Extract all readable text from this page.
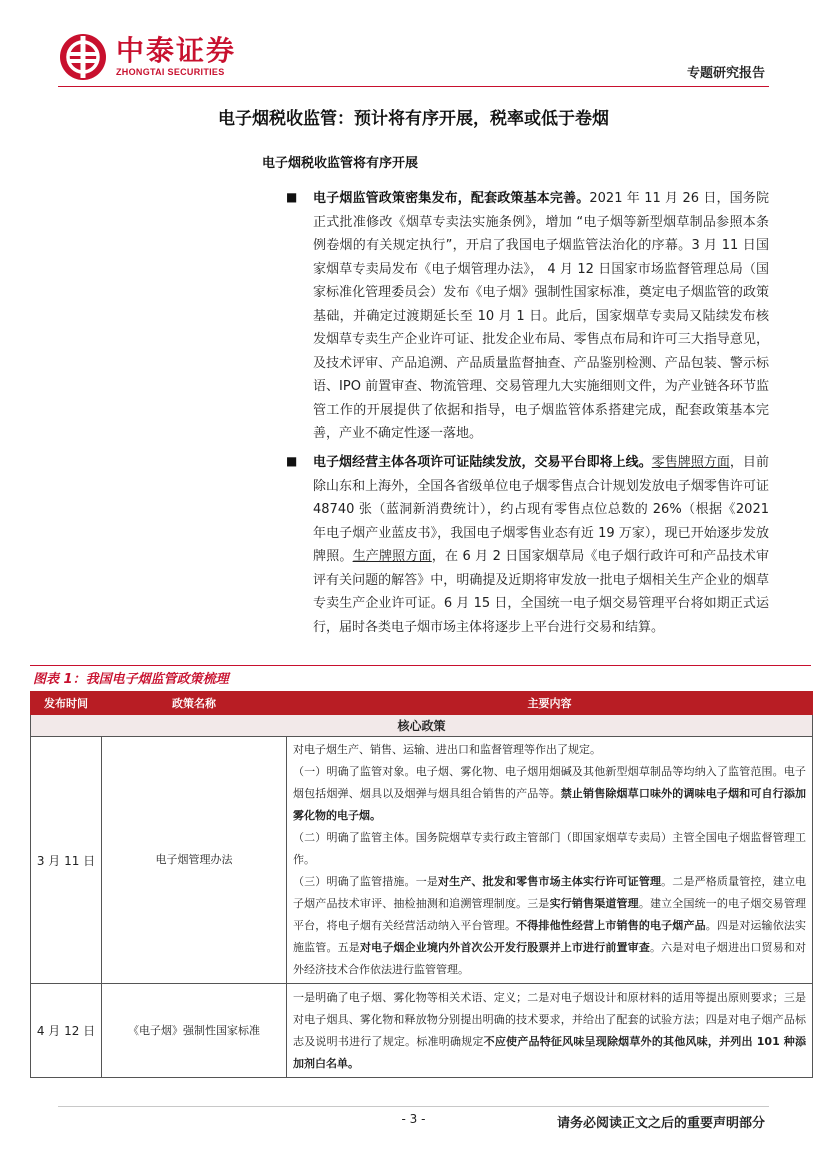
中泰证券
ZHONGTAI SECURITIES	专题研究报告
电子烟税收监管：预计将有序开展，税率或低于卷烟
电子烟税收监管将有序开展
■ 电子烟监管政策密集发布，配套政策基本完善。2021 年 11 月 26 日，国务院正式批准修改《烟草专卖法实施条例》，增加 “电子烟等新型烟草制品参照本条例卷烟的有关规定执行”，开启了我国电子烟监管法治化的序幕。3 月 11 日国家烟草专卖局发布《电子烟管理办法》， 4 月 12 日国家市场监督管理总局（国家标准化管理委员会）发布《电子烟》强制性国家标准，奠定电子烟监管的政策基础，并确定过渡期延长至 10 月 1 日。此后，国家烟草专卖局又陆续发布核发烟草专卖生产企业许可证、批发企业布局、零售点布局和许可三大指导意见，及技术评审、产品追溯、产品质量监督抽查、产品鉴别检测、产品包装、警示标语、IPO 前置审查、物流管理、交易管理九大实施细则文件，为产业链各环节监管工作的开展提供了依据和指导，电子烟监管体系搭建完成，配套政策基本完善，产业不确定性逐一落地。
■ 电子烟经营主体各项许可证陆续发放，交易平台即将上线。零售牌照方面，目前除山东和上海外，全国各省级单位电子烟零售点合计规划发放电子烟零售许可证 48740 张（蓝洞新消费统计），约占现有零售点位总数的 26%（根据《2021 年电子烟产业蓝皮书》，我国电子烟零售业态有近 19 万家），现已开始逐步发放牌照。生产牌照方面，在 6 月 2 日国家烟草局《电子烟行政许可和产品技术审评有关问题的解答》中，明确提及近期将审发放一批电子烟相关生产企业的烟草专卖生产企业许可证。6 月 15 日，全国统一电子烟交易管理平台将如期正式运行，届时各类电子烟市场主体将逐步上平台进行交易和结算。
图表 1：我国电子烟监管政策梳理
发布时间	政策名称	主要内容
核心政策		
3 月 11 日	电子烟管理办法	对电子烟生产、销售、运输、进出口和监督管理等作出了规定。
（一）明确了监管对象。电子烟、雾化物、电子烟用烟碱及其他新型烟草制品等均纳入了监管范围。电子烟包括烟弹、烟具以及烟弹与烟具组合销售的产品等。禁止销售除烟草口味外的调味电子烟和可自行添加雾化物的电子烟。
（二）明确了监管主体。国务院烟草专卖行政主管部门（即国家烟草专卖局）主管全国电子烟监督管理工作。
（三）明确了监管措施。一是对生产、批发和零售市场主体实行许可证管理。二是严格质量管控，建立电子烟产品技术审评、抽检抽测和追溯管理制度。三是实行销售渠道管理。建立全国统一的电子烟交易管理平台，将电子烟有关经营活动纳入平台管理。不得排他性经营上市销售的电子烟产品。四是对运输依法实施监管。五是对电子烟企业境内外首次公开发行股票并上市进行前置审查。六是对电子烟进出口贸易和对外经济技术合作依法进行监管管理。

4 月 12 日	《电子烟》强制性国家标准	一是明确了电子烟、雾化物等相关术语、定义；二是对电子烟设计和原材料的适用等提出原则要求；三是对电子烟具、雾化物和释放物分别提出明确的技术要求，并给出了配套的试验方法；四是对电子烟产品标志及说明书进行了规定。标准明确规定不应使产品特征风味呈现除烟草外的其他风味，并列出 101 种添加剂白名单。
- 3 -	请务必阅读正文之后的重要声明部分
